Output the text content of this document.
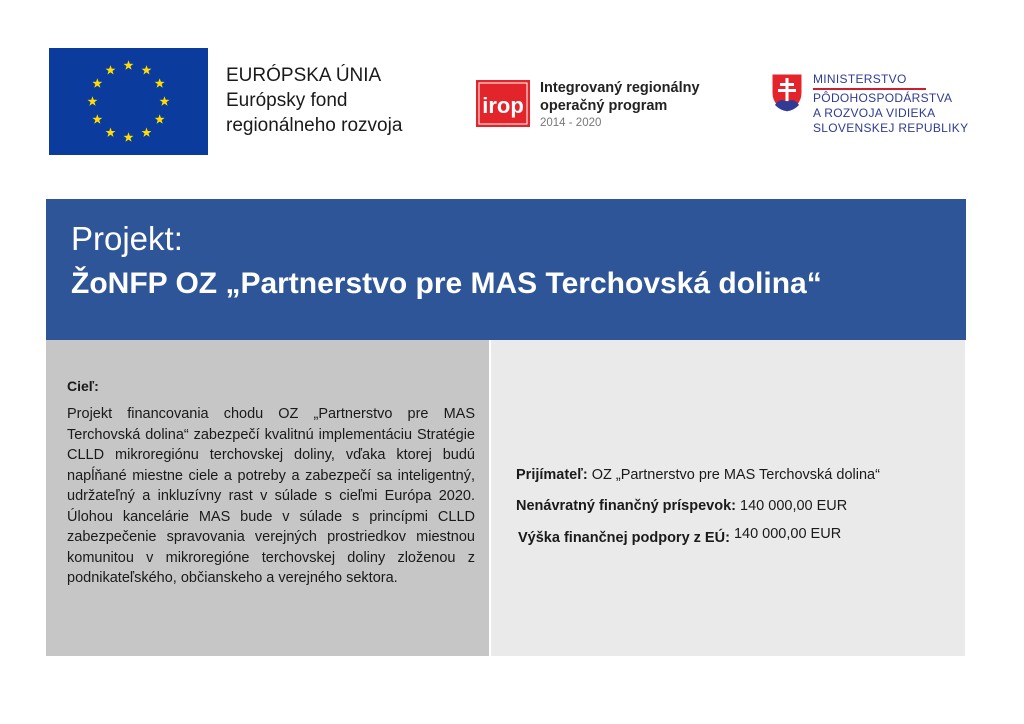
EURÓPSKA ÚNIA
Európsky fond
regionálneho rozvoja
irop
Integrovaný regionálny
operačný program
2014 - 2020
MINISTERSTVO
PÔDOHOSPODÁRSTVA
A ROZVOJA VIDIEKA
SLOVENSKEJ REPUBLIKY
Projekt:
ŽoNFP OZ „Partnerstvo pre MAS Terchovská dolina“
Cieľ:
Projekt financovania chodu OZ „Partnerstvo pre MAS Terchovská dolina“ zabezpečí kvalitnú implementáciu Stratégie CLLD mikroregiónu terchovskej doliny, vďaka ktorej budú napĺňané miestne ciele a potreby a zabezpečí sa inteligentný, udržateľný a inkluzívny rast v súlade s cieľmi Európa 2020. Úlohou kancelárie MAS bude v súlade s princípmi CLLD zabezpečenie spravovania verejných prostriedkov miestnou komunitou v mikroregióne terchovskej doliny zloženou z podnikateľského, občianskeho a verejného sektora.
Prijímateľ: OZ „Partnerstvo pre MAS Terchovská dolina“
Nenávratný finančný príspevok: 140 000,00 EUR
Výška finančnej podpory z EÚ: 140 000,00 EUR
